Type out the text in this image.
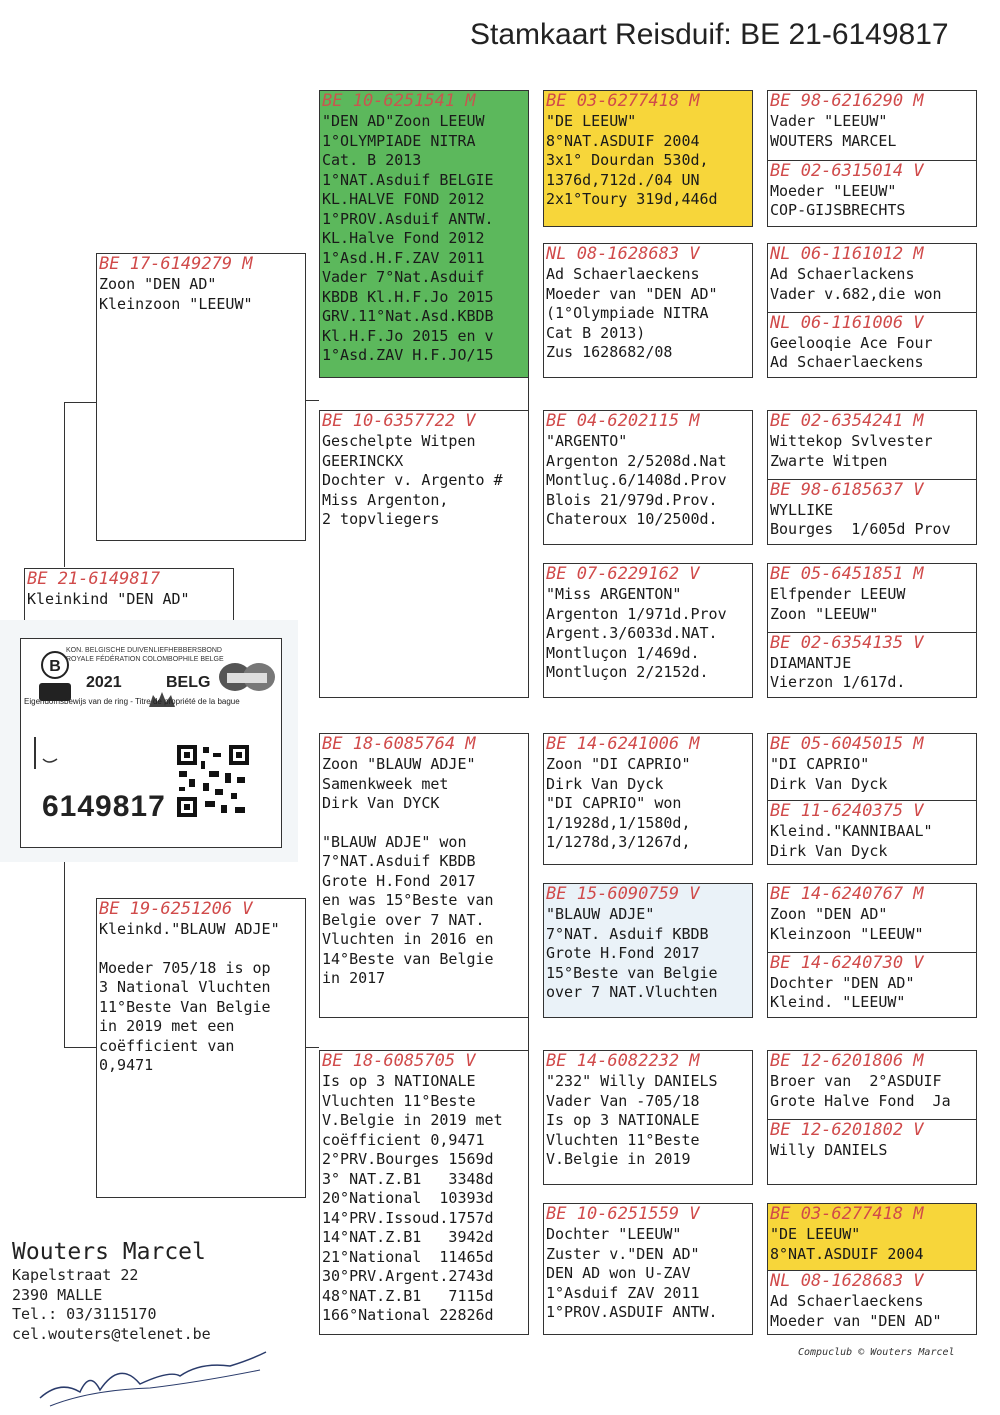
Stamkaart Reisduif: BE 21-6149817
BE 21-6149817
Kleinkind "DEN AD"
BE 17-6149279 M
Zoon "DEN AD"
Kleinzoon "LEEUW"
BE 19-6251206 V
Kleinkd."BLAUW ADJE"
Moeder 705/18 is op
3 National Vluchten
11°Beste Van Belgie
in 2019 met een
coëfficient van
0,9471
BE 10-6251541 M
"DEN AD"Zoon LEEUW
1°OLYMPIADE NITRA
Cat. B 2013
1°NAT.Asduif BELGIE
KL.HALVE FOND 2012
1°PROV.Asduif ANTW.
KL.Halve Fond 2012
1°Asd.H.F.ZAV 2011
Vader 7°Nat.Asduif
KBDB Kl.H.F.Jo 2015
GRV.11°Nat.Asd.KBDB
Kl.H.F.Jo 2015 en v
1°Asd.ZAV H.F.JO/15
BE 10-6357722 V
Geschelpte Witpen
GEERINCKX
Dochter v. Argento #
Miss Argenton,
2 topvliegers
BE 18-6085764 M
Zoon "BLAUW ADJE"
Samenkweek met
Dirk Van DYCK
"BLAUW ADJE" won
7°NAT.Asduif KBDB
Grote H.Fond 2017
en was 15°Beste van
Belgie over 7 NAT.
Vluchten in 2016 en
14°Beste van Belgie
in 2017
BE 18-6085705 V
Is op 3 NATIONALE
Vluchten 11°Beste
V.Belgie in 2019 met
coëfficient 0,9471
2°PRV.Bourges 1569d
3° NAT.Z.B1   3348d
20°National  10393d
14°PRV.Issoud.1757d
14°NAT.Z.B1   3942d
21°National  11465d
30°PRV.Argent.2743d
48°NAT.Z.B1   7115d
166°National 22826d
BE 03-6277418 M
"DE LEEUW"
8°NAT.ASDUIF 2004
3x1° Dourdan 530d,
1376d,712d./04 UN
2x1°Toury 319d,446d
NL 08-1628683 V
Ad Schaerlaeckens
Moeder van "DEN AD"
(1°Olympiade NITRA
Cat B 2013)
Zus 1628682/08
BE 04-6202115 M
"ARGENTO"
Argenton 2/5208d.Nat
Montluç.6/1408d.Prov
Blois 21/979d.Prov.
Chateroux 10/2500d.
BE 07-6229162 V
"Miss ARGENTON"
Argenton 1/971d.Prov
Argent.3/6033d.NAT.
Montluçon 1/469d.
Montluçon 2/2152d.
BE 14-6241006 M
Zoon "DI CAPRIO"
Dirk Van Dyck
"DI CAPRIO" won
1/1928d,1/1580d,
1/1278d,3/1267d,
BE 15-6090759 V
"BLAUW ADJE"
7°NAT. Asduif KBDB
Grote H.Fond 2017
15°Beste van Belgie
over 7 NAT.Vluchten
BE 14-6082232 M
"232" Willy DANIELS
Vader Van -705/18
Is op 3 NATIONALE
Vluchten 11°Beste
V.Belgie in 2019
BE 10-6251559 V
Dochter "LEEUW"
Zuster v."DEN AD"
DEN AD won U-ZAV
1°Asduif ZAV 2011
1°PROV.ASDUIF ANTW.
BE 98-6216290 M
Vader "LEEUW"
WOUTERS MARCEL
BE 02-6315014 V
Moeder "LEEUW"
COP-GIJSBRECHTS
NL 06-1161012 M
Ad Schaerlackens
Vader v.682,die won
NL 06-1161006 V
Geelooqie Ace Four
Ad Schaerlaeckens
BE 02-6354241 M
Wittekop Svlvester
Zwarte Witpen
BE 98-6185637 V
WYLLIKE
Bourges  1/605d Prov
BE 05-6451851 M
Elfpender LEEUW
Zoon "LEEUW"
BE 02-6354135 V
DIAMANTJE
Vierzon 1/617d.
BE 05-6045015 M
"DI CAPRIO"
Dirk Van Dyck
BE 11-6240375 V
Kleind."KANNIBAAL"
Dirk Van Dyck
BE 14-6240767 M
Zoon "DEN AD"
Kleinzoon "LEEUW"
BE 14-6240730 V
Dochter "DEN AD"
Kleind. "LEEUW"
BE 12-6201806 M
Broer van  2°ASDUIF
Grote Halve Fond  Ja
BE 12-6201802 V
Willy DANIELS
BE 03-6277418 M
"DE LEEUW"
8°NAT.ASDUIF 2004
NL 08-1628683 V
Ad Schaerlaeckens
Moeder van "DEN AD"
B
KON. BELGISCHE DUIVENLIEFHEBBERSBOND
ROYALE FÉDÉRATION COLOMBOPHILE BELGE
2021	BELG
Eigendomsbewijs van de ring - Titre de propriété de la bague
6149817
Wouters Marcel
Kapelstraat 22
2390 MALLE
Tel.: 03/3115170
cel.wouters@telenet.be
Compuclub © Wouters Marcel
